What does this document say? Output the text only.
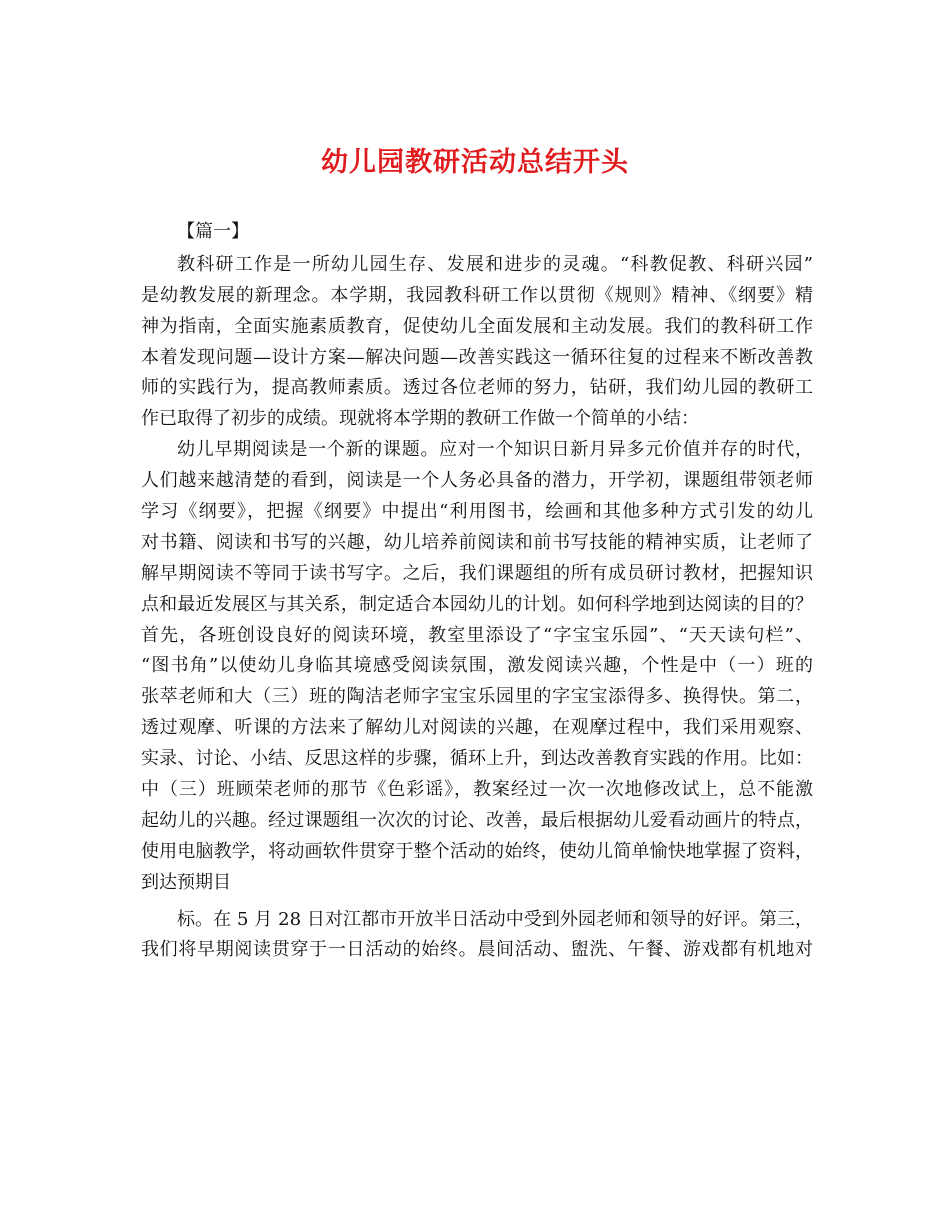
幼儿园教研活动总结开头
【篇一】
教科研工作是一所幼儿园生存、发展和进步的灵魂。“科教促教、科研兴园”
是幼教发展的新理念。本学期，我园教科研工作以贯彻《规则》精神、《纲要》精
神为指南，全面实施素质教育，促使幼儿全面发展和主动发展。我们的教科研工作
本着发现问题—设计方案—解决问题—改善实践这一循环往复的过程来不断改善教
师的实践行为，提高教师素质。透过各位老师的努力，钻研，我们幼儿园的教研工
作已取得了初步的成绩。现就将本学期的教研工作做一个简单的小结：
幼儿早期阅读是一个新的课题。应对一个知识日新月异多元价值并存的时代，
人们越来越清楚的看到，阅读是一个人务必具备的潜力，开学初，课题组带领老师
学习《纲要》，把握《纲要》中提出“利用图书，绘画和其他多种方式引发的幼儿
对书籍、阅读和书写的兴趣，幼儿培养前阅读和前书写技能的精神实质，让老师了
解早期阅读不等同于读书写字。之后，我们课题组的所有成员研讨教材，把握知识
点和最近发展区与其关系，制定适合本园幼儿的计划。如何科学地到达阅读的目的？
首先，各班创设良好的阅读环境，教室里添设了“字宝宝乐园”、“天天读句栏”、
“图书角”以使幼儿身临其境感受阅读氛围，激发阅读兴趣，个性是中（一）班的
张萃老师和大（三）班的陶洁老师字宝宝乐园里的字宝宝添得多、换得快。第二，
透过观摩、听课的方法来了解幼儿对阅读的兴趣，在观摩过程中，我们采用观察、
实录、讨论、小结、反思这样的步骤，循环上升，到达改善教育实践的作用。比如：
中（三）班顾荣老师的那节《色彩谣》，教案经过一次一次地修改试上，总不能激
起幼儿的兴趣。经过课题组一次次的讨论、改善，最后根据幼儿爱看动画片的特点，
使用电脑教学，将动画软件贯穿于整个活动的始终，使幼儿简单愉快地掌握了资料，
到达预期目
标。在 5 月 28 日对江都市开放半日活动中受到外园老师和领导的好评。第三，
我们将早期阅读贯穿于一日活动的始终。晨间活动、盥洗、午餐、游戏都有机地对
